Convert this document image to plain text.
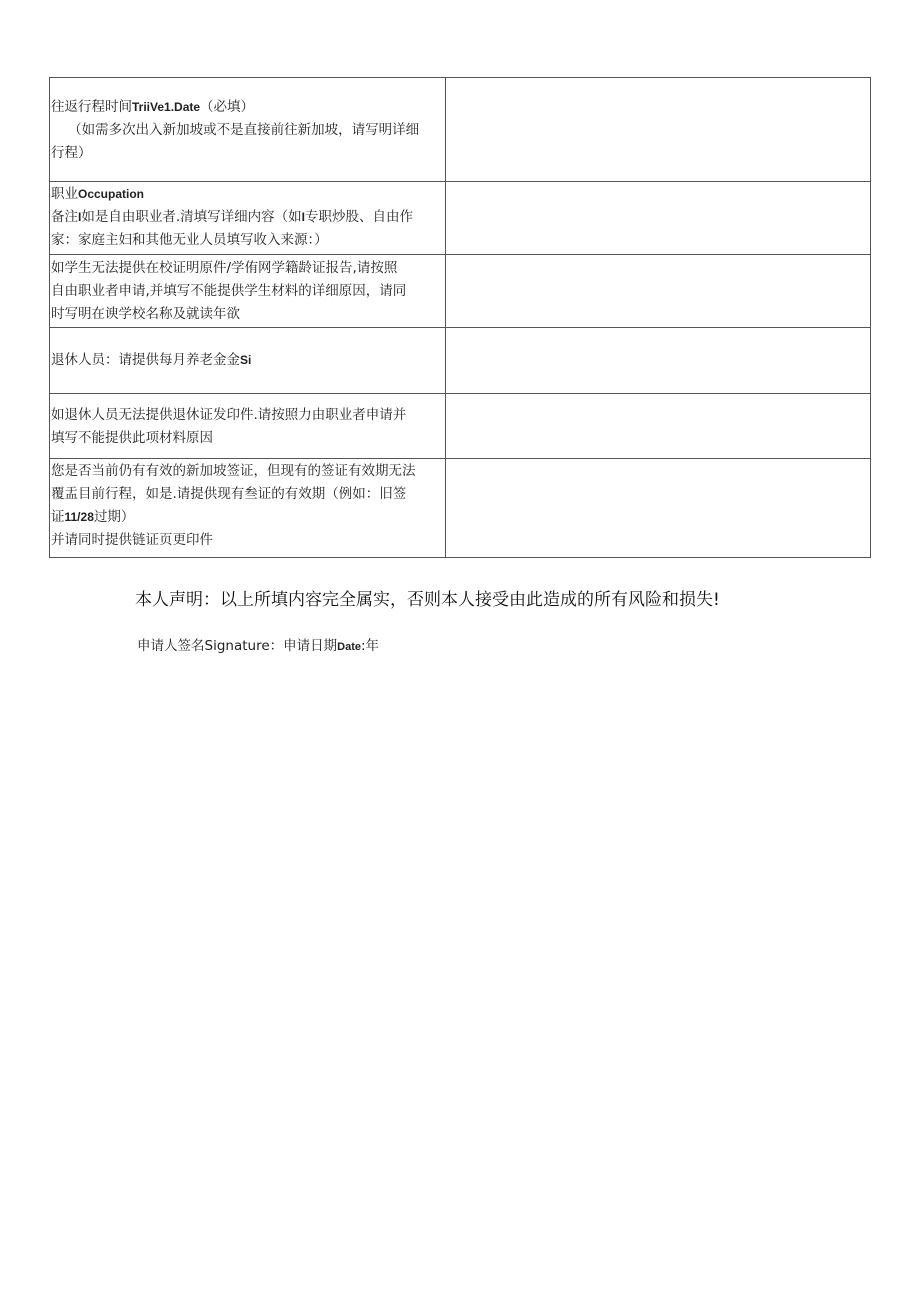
往返行程时间TriiVe1.Date（必填）
（如需多次出入新加坡或不是直接前往新加坡，请写明详细
行程）	

职业Occupation
备注I如是自由职业者.清填写详细内容（如I专职炒股、自由作
家：家庭主妇和其他无业人员填写收入来源：）	

如学生无法提供在校证明原件/学侑网学籍龄证报告,请按照
自由职业者申请,并填写不能提供学生材料的详细原因，请同
时写明在谀学校名称及就读年欲	

退休人员：请提供每月养老金金Si	

如退休人员无法提供退休证发印件.请按照力由职业者申请并
填写不能提供此项材料原因	

您是否当前仍有有效的新加坡签证，但现有的签证有效期无法
覆盂目前行程，如是.请提供现有叁证的有效期（例如：旧签
证11/28过期）
并请同时提供链证页更印件	

本人声明：以上所填内容完全属实，否则本人接受由此造成的所有风险和损失!
申请人签名Signature：申请日期Date:年
